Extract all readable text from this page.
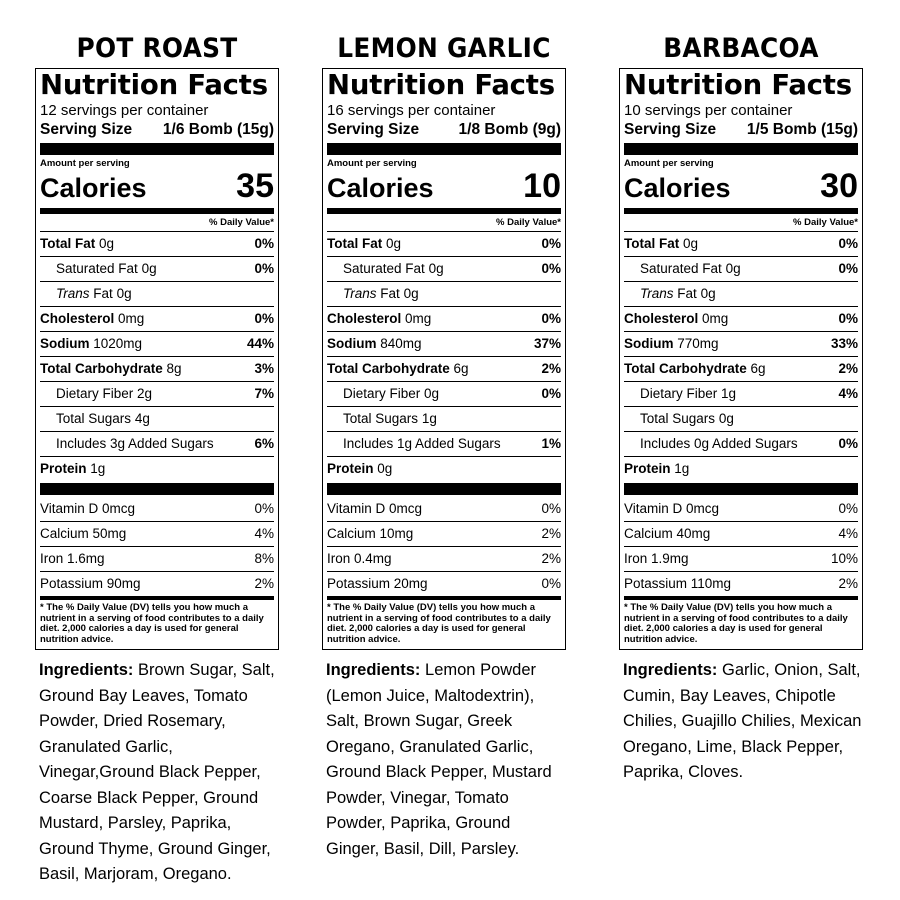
POT ROAST
Nutrition Facts
12 servings per container
Serving Size 1/6 Bomb (15g)
Amount per serving
Calories	35
% Daily Value*
Total Fat 0g	0%
Saturated Fat 0g	0%
Trans Fat 0g
Cholesterol 0mg	0%
Sodium 1020mg	44%
Total Carbohydrate 8g	3%
Dietary Fiber 2g	7%
Total Sugars 4g
Includes 3g Added Sugars	6%
Protein 1g
Vitamin D 0mcg	0%
Calcium 50mg	4%
Iron 1.6mg	8%
Potassium 90mg	2%
* The % Daily Value (DV) tells you how much a nutrient in a serving of food contributes to a daily diet. 2,000 calories a day is used for general nutrition advice.
Ingredients: Brown Sugar, Salt, Ground Bay Leaves, Tomato Powder, Dried Rosemary, Granulated Garlic, Vinegar,Ground Black Pepper, Coarse Black Pepper, Ground Mustard, Parsley, Paprika, Ground Thyme, Ground Ginger, Basil, Marjoram, Oregano.
LEMON GARLIC
Nutrition Facts
16 servings per container
Serving Size	1/8 Bomb (9g)
Amount per serving
Calories	10
% Daily Value*
Total Fat 0g	0%
Saturated Fat 0g	0%
Trans Fat 0g
Cholesterol 0mg	0%
Sodium 840mg	37%
Total Carbohydrate 6g	2%
Dietary Fiber 0g	0%
Total Sugars 1g
Includes 1g Added Sugars	1%
Protein 0g
Vitamin D 0mcg	0%
Calcium 10mg	2%
Iron 0.4mg	2%
Potassium 20mg	0%
* The % Daily Value (DV) tells you how much a nutrient in a serving of food contributes to a daily diet. 2,000 calories a day is used for general nutrition advice.
Ingredients: Lemon Powder (Lemon Juice, Maltodextrin), Salt, Brown Sugar, Greek Oregano, Granulated Garlic, Ground Black Pepper, Mustard Powder, Vinegar, Tomato Powder, Paprika, Ground Ginger, Basil, Dill, Parsley.
BARBACOA
Nutrition Facts
10 servings per container
Serving Size 1/5 Bomb (15g)
Amount per serving
Calories	30
% Daily Value*
Total Fat 0g	0%
Saturated Fat 0g	0%
Trans Fat 0g
Cholesterol 0mg	0%
Sodium 770mg	33%
Total Carbohydrate 6g	2%
Dietary Fiber 1g	4%
Total Sugars 0g
Includes 0g Added Sugars	0%
Protein 1g
Vitamin D 0mcg	0%
Calcium 40mg	4%
Iron 1.9mg	10%
Potassium 110mg	2%
* The % Daily Value (DV) tells you how much a nutrient in a serving of food contributes to a daily diet. 2,000 calories a day is used for general nutrition advice.
Ingredients: Garlic, Onion, Salt, Cumin, Bay Leaves, Chipotle Chilies, Guajillo Chilies, Mexican Oregano, Lime, Black Pepper, Paprika, Cloves.
